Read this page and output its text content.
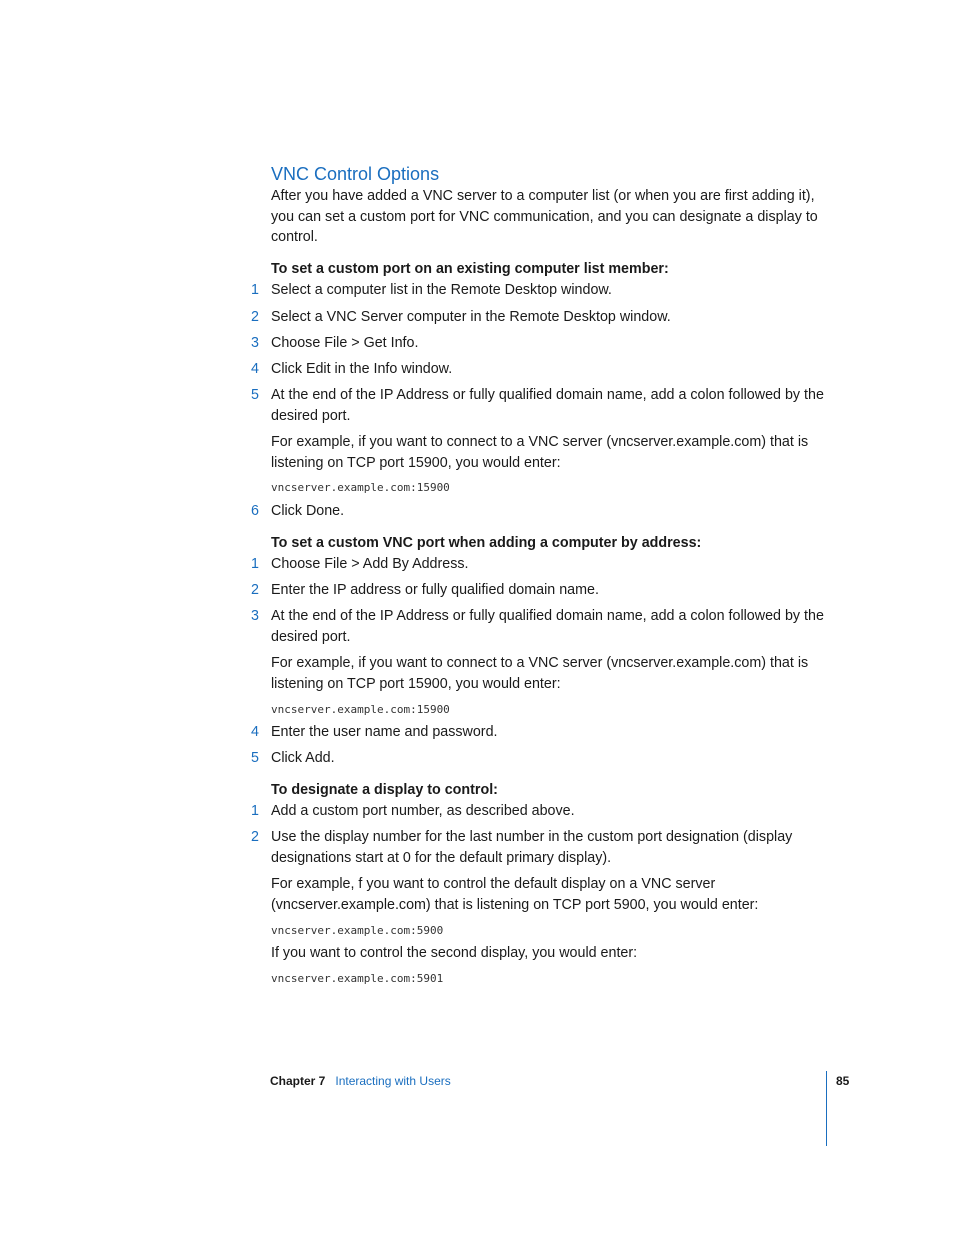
VNC Control Options

After you have added a VNC server to a computer list (or when you are first adding it), you can set a custom port for VNC communication, and you can designate a display to control.

To set a custom port on an existing computer list member:

1 Select a computer list in the Remote Desktop window.
2 Select a VNC Server computer in the Remote Desktop window.
3 Choose File > Get Info.
4 Click Edit in the Info window.
5 At the end of the IP Address or fully qualified domain name, add a colon followed by the desired port.

For example, if you want to connect to a VNC server (vncserver.example.com) that is listening on TCP port 15900, you would enter:

vncserver.example.com:15900
6 Click Done.

To set a custom VNC port when adding a computer by address:

1 Choose File > Add By Address.
2 Enter the IP address or fully qualified domain name.
3 At the end of the IP Address or fully qualified domain name, add a colon followed by the desired port.

For example, if you want to connect to a VNC server (vncserver.example.com) that is listening on TCP port 15900, you would enter:

vncserver.example.com:15900
4 Enter the user name and password.
5 Click Add.

To designate a display to control:

1 Add a custom port number, as described above.
2 Use the display number for the last number in the custom port designation (display designations start at 0 for the default primary display).

For example, f you want to control the default display on a VNC server (vncserver.example.com) that is listening on TCP port 5900, you would enter:

vncserver.example.com:5900

If you want to control the second display, you would enter:

vncserver.example.com:5901
Chapter 7 Interacting with Users	85
